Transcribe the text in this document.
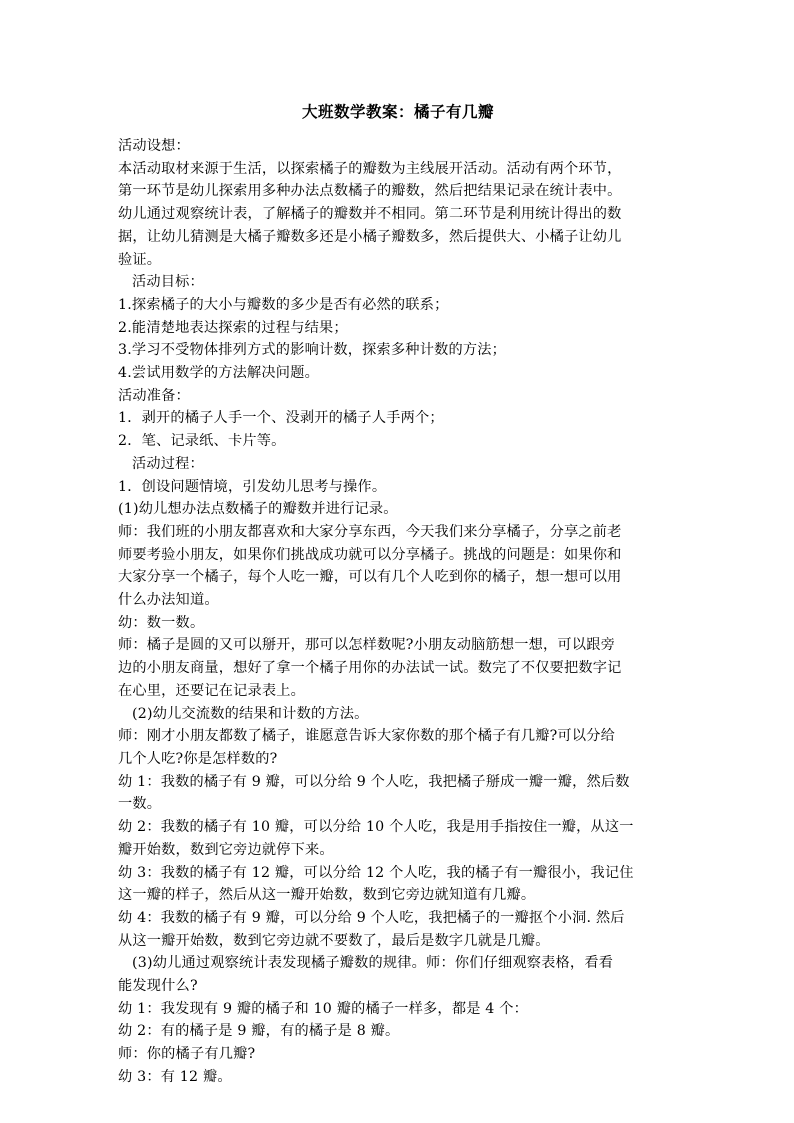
大班数学教案：橘子有几瓣
活动设想：
本活动取材来源于生活，以探索橘子的瓣数为主线展开活动。活动有两个环节，
第一环节是幼儿探索用多种办法点数橘子的瓣数，然后把结果记录在统计表中。
幼儿通过观察统计表，了解橘子的瓣数并不相同。第二环节是利用统计得出的数
据，让幼儿猜测是大橘子瓣数多还是小橘子瓣数多，然后提供大、小橘子让幼儿
验证。
活动目标：
1.探索橘子的大小与瓣数的多少是否有必然的联系；
2.能清楚地表达探索的过程与结果；
3.学习不受物体排列方式的影响计数，探索多种计数的方法；
4.尝试用数学的方法解决问题。
活动准备：
1．剥开的橘子人手一个、没剥开的橘子人手两个；
2．笔、记录纸、卡片等。
活动过程：
1．创设问题情境，引发幼儿思考与操作。
(1)幼儿想办法点数橘子的瓣数并进行记录。
师：我们班的小朋友都喜欢和大家分享东西，今天我们来分享橘子，分享之前老
师要考验小朋友，如果你们挑战成功就可以分享橘子。挑战的问题是：如果你和
大家分享一个橘子，每个人吃一瓣，可以有几个人吃到你的橘子，想一想可以用
什么办法知道。
幼：数一数。
师：橘子是圆的又可以掰开，那可以怎样数呢?小朋友动脑筋想一想，可以跟旁
边的小朋友商量，想好了拿一个橘子用你的办法试一试。数完了不仅要把数字记
在心里，还要记在记录表上。
(2)幼儿交流数的结果和计数的方法。
师：刚才小朋友都数了橘子，谁愿意告诉大家你数的那个橘子有几瓣?可以分给
几个人吃?你是怎样数的?
幼 1：我数的橘子有 9 瓣，可以分给 9 个人吃，我把橘子掰成一瓣一瓣，然后数
一数。
幼 2：我数的橘子有 10 瓣，可以分给 10 个人吃，我是用手指按住一瓣，从这一
瓣开始数，数到它旁边就停下来。
幼 3：我数的橘子有 12 瓣，可以分给 12 个人吃，我的橘子有一瓣很小，我记住
这一瓣的样子，然后从这一瓣开始数，数到它旁边就知道有几瓣。
幼 4：我数的橘子有 9 瓣，可以分给 9 个人吃，我把橘子的一瓣抠个小洞. 然后
从这一瓣开始数，数到它旁边就不要数了，最后是数字几就是几瓣。
(3)幼儿通过观察统计表发现橘子瓣数的规律。师：你们仔细观察表格，看看
能发现什么?
幼 1：我发现有 9 瓣的橘子和 10 瓣的橘子一样多，都是 4 个：
幼 2：有的橘子是 9 瓣，有的橘子是 8 瓣。
师：你的橘子有几瓣?
幼 3：有 12 瓣。
